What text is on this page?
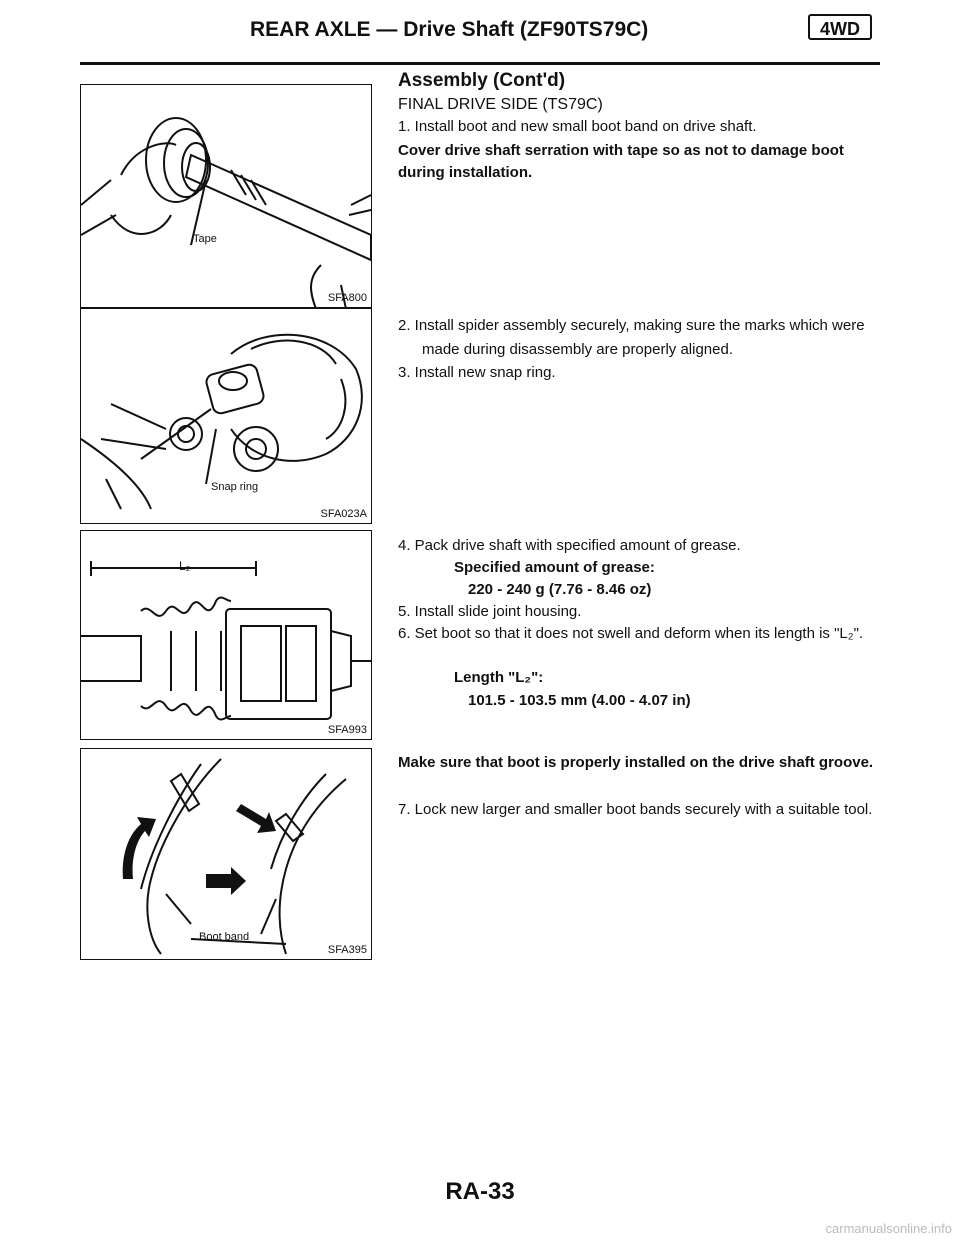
REAR AXLE — Drive Shaft (ZF90TS79C)	4WD
Tape
SFA800
Snap ring
SFA023A
L₂
SFA993
Boot band
SFA395
Assembly (Cont'd)
FINAL DRIVE SIDE (TS79C)
1. Install boot and new small boot band on drive shaft.
Cover drive shaft serration with tape so as not to damage boot during installation.
2. Install spider assembly securely, making sure the marks which were made during disassembly are properly aligned.
3. Install new snap ring.
4. Pack drive shaft with specified amount of grease.
Specified amount of grease:
220 - 240 g (7.76 - 8.46 oz)
5. Install slide joint housing.
6. Set boot so that it does not swell and deform when its length is "L₂".
Length "L₂":
101.5 - 103.5 mm (4.00 - 4.07 in)
Make sure that boot is properly installed on the drive shaft groove.
7. Lock new larger and smaller boot bands securely with a suitable tool.
RA-33
carmanualsonline.info
